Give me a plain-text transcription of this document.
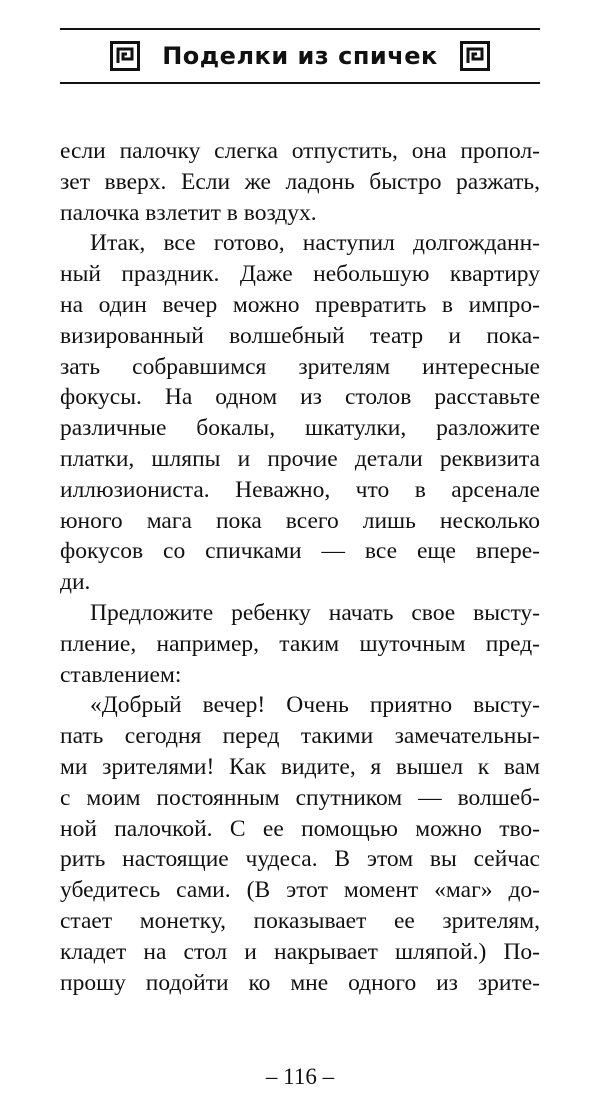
Поделки из спичек
если палочку слегка отпустить, она пропол-
зет вверх. Если же ладонь быстро разжать,
палочка взлетит в воздух.
Итак, все готово, наступил долгожданн-
ный праздник. Даже небольшую квартиру
на один вечер можно превратить в импро-
визированный волшебный театр и пока-
зать собравшимся зрителям интересные
фокусы. На одном из столов расставьте
различные бокалы, шкатулки, разложите
платки, шляпы и прочие детали реквизита
иллюзиониста. Неважно, что в арсенале
юного мага пока всего лишь несколько
фокусов со спичками — все еще впере-
ди.
Предложите ребенку начать свое высту-
пление, например, таким шуточным пред-
ставлением:
«Добрый вечер! Очень приятно высту-
пать сегодня перед такими замечательны-
ми зрителями! Как видите, я вышел к вам
с моим постоянным спутником — волшеб-
ной палочкой. С ее помощью можно тво-
рить настоящие чудеса. В этом вы сейчас
убедитесь сами. (В этот момент «маг» до-
стает монетку, показывает ее зрителям,
кладет на стол и накрывает шляпой.) По-
прошу подойти ко мне одного из зрите-
– 116 –
